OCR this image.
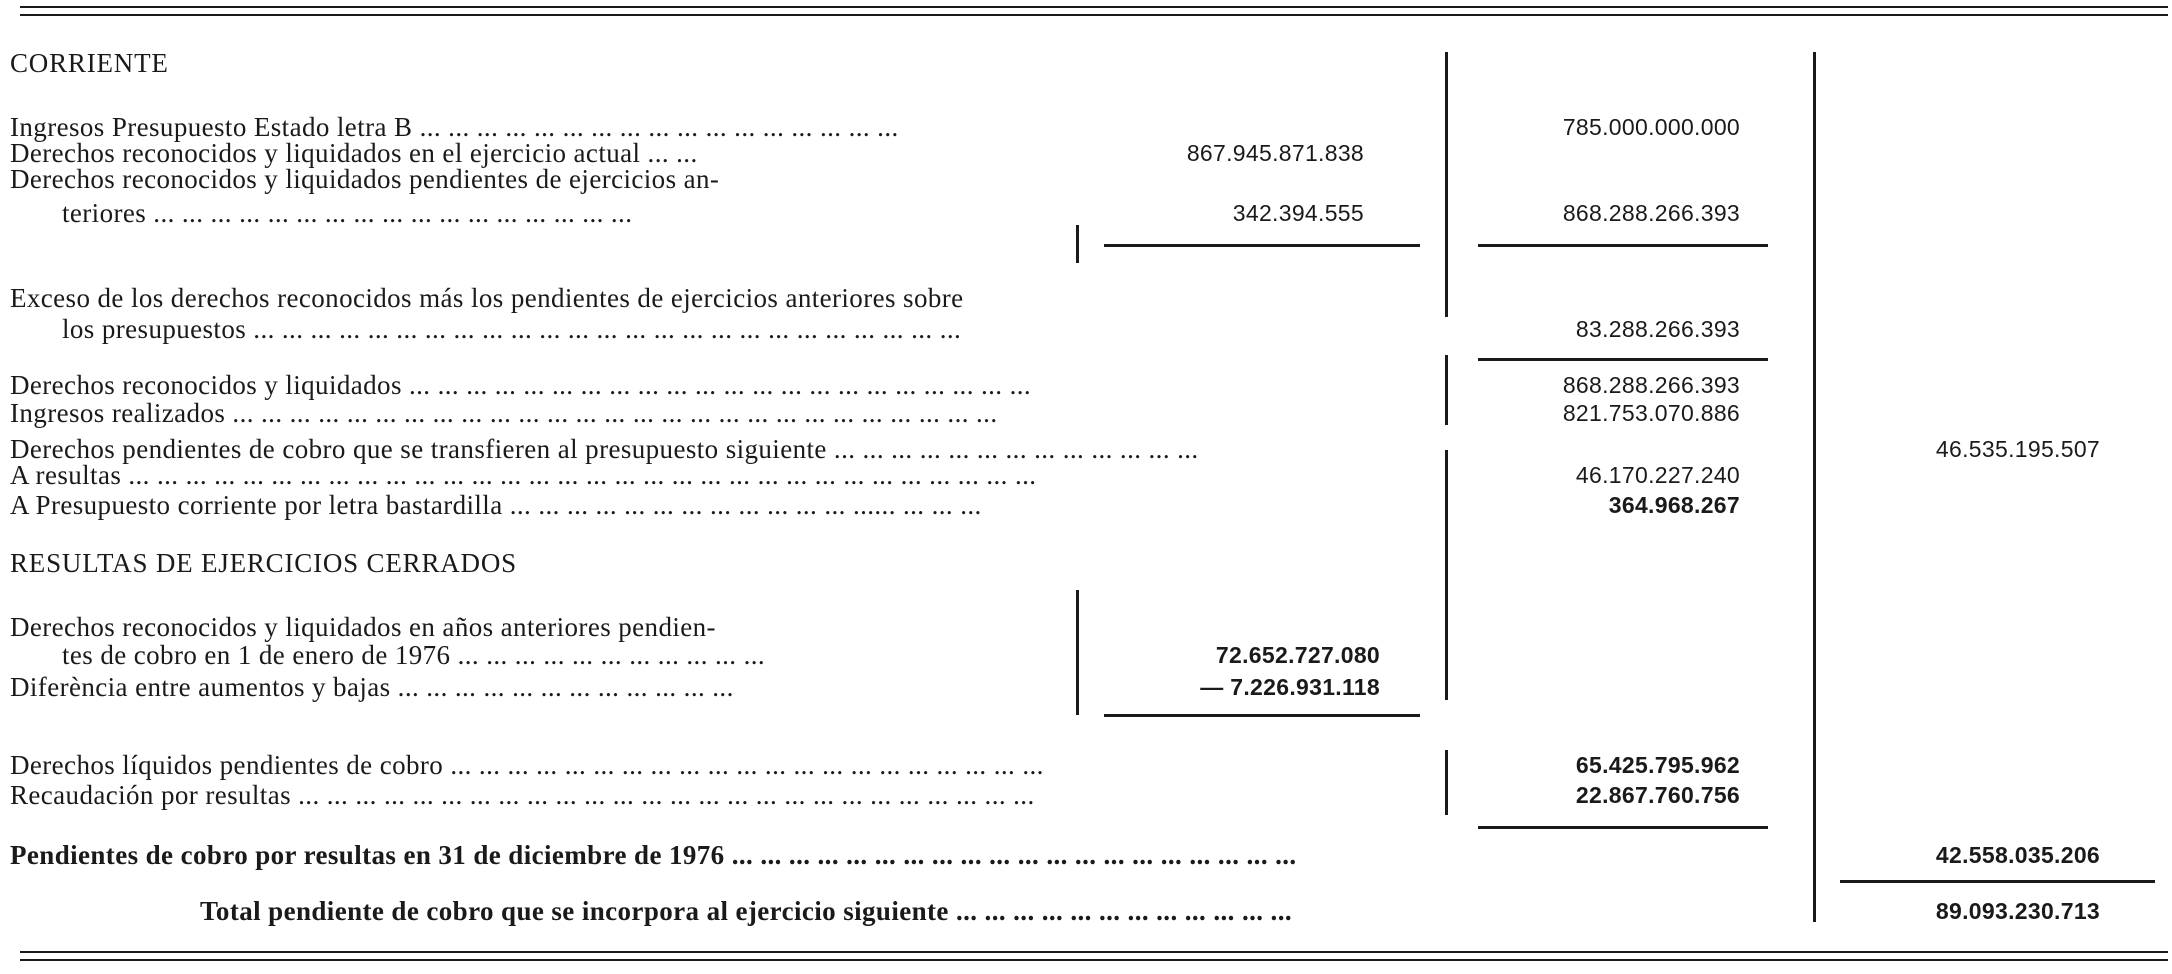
CORRIENTE
RESULTAS DE EJERCICIOS CERRADOS
Ingresos Presupuesto Estado letra B ... ... ... ... ... ... ... ... ... ... ... ... ... ... ... ... ...
Derechos reconocidos y liquidados en el ejercicio actual ... ...
Derechos reconocidos y liquidados pendientes de ejercicios an-
teriores ... ... ... ... ... ... ... ... ... ... ... ... ... ... ... ... ...
Exceso de los derechos reconocidos más los pendientes de ejercicios anteriores sobre
los presupuestos ... ... ... ... ... ... ... ... ... ... ... ... ... ... ... ... ... ... ... ... ... ... ... ... ...
Derechos reconocidos y liquidados ... ... ... ... ... ... ... ... ... ... ... ... ... ... ... ... ... ... ... ... ... ...
Ingresos realizados ... ... ... ... ... ... ... ... ... ... ... ... ... ... ... ... ... ... ... ... ... ... ... ... ... ... ...
Derechos pendientes de cobro que se transfieren al presupuesto siguiente ... ... ... ... ... ... ... ... ... ... ... ... ...
A resultas ... ... ... ... ... ... ... ... ... ... ... ... ... ... ... ... ... ... ... ... ... ... ... ... ... ... ... ... ... ... ... ...
A Presupuesto corriente por letra bastardilla ... ... ... ... ... ... ... ... ... ... ... ... ...... ... ... ...
Derechos reconocidos y liquidados en años anteriores pendien-
tes de cobro en 1 de enero de 1976 ... ... ... ... ... ... ... ... ... ... ...
Diferència entre aumentos y bajas ... ... ... ... ... ... ... ... ... ... ... ...
Derechos líquidos pendientes de cobro ... ... ... ... ... ... ... ... ... ... ... ... ... ... ... ... ... ... ... ... ...
Recaudación por resultas ... ... ... ... ... ... ... ... ... ... ... ... ... ... ... ... ... ... ... ... ... ... ... ... ... ...
Pendientes de cobro por resultas en 31 de diciembre de 1976 ... ... ... ... ... ... ... ... ... ... ... ... ... ... ... ... ... ... ... ...
Total pendiente de cobro que se incorpora al ejercicio siguiente ... ... ... ... ... ... ... ... ... ... ... ...
867.945.871.838
342.394.555
72.652.727.080
— 7.226.931.118
785.000.000.000
868.288.266.393
83.288.266.393
868.288.266.393
821.753.070.886
46.170.227.240
364.968.267
65.425.795.962
22.867.760.756
46.535.195.507
42.558.035.206
89.093.230.713
